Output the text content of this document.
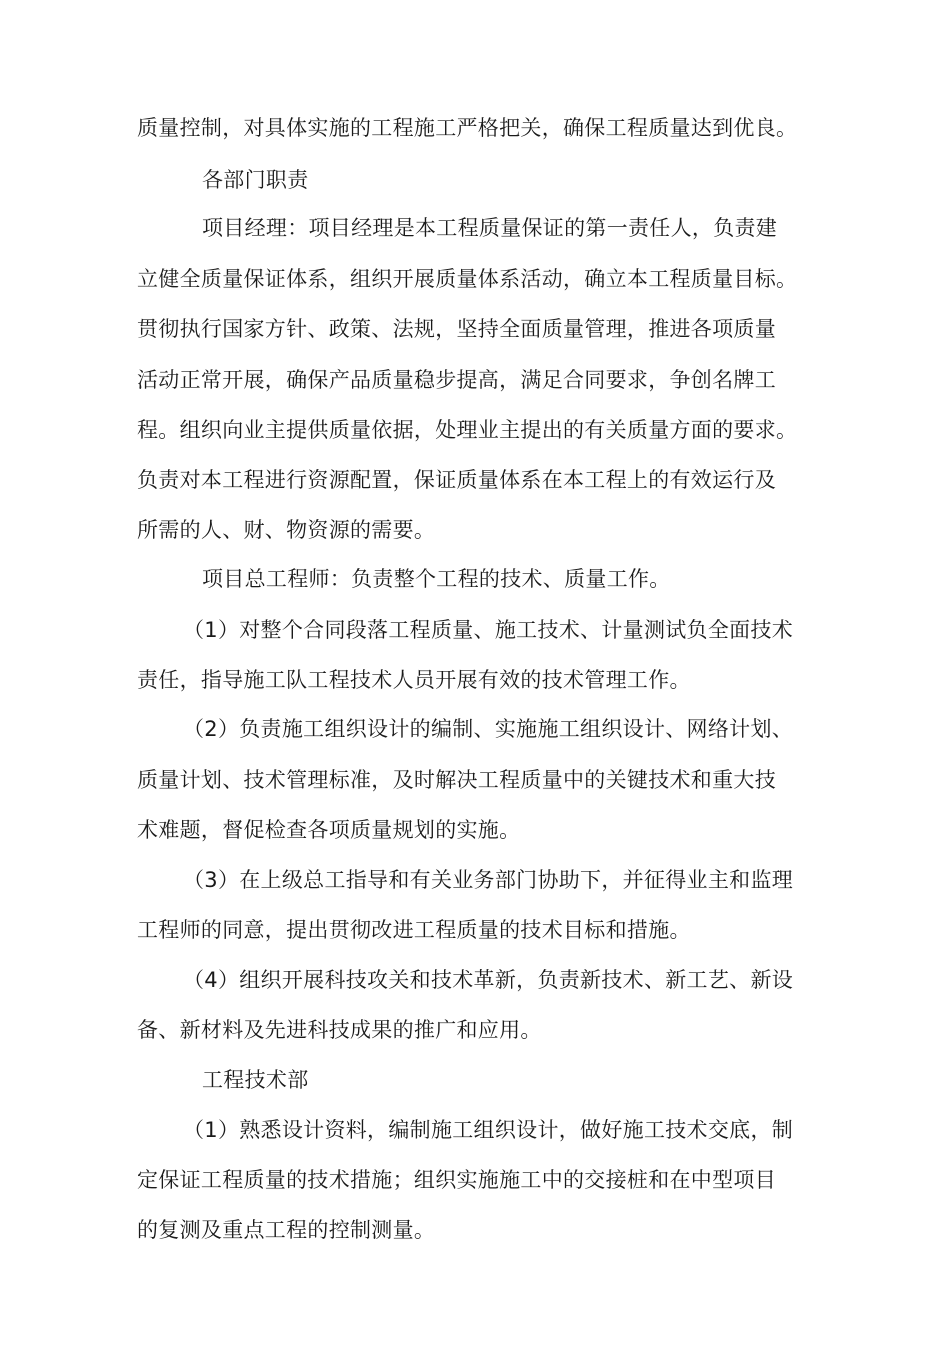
质量控制，对具体实施的工程施工严格把关，确保工程质量达到优良。
各部门职责
项目经理：项目经理是本工程质量保证的第一责任人，负责建
立健全质量保证体系，组织开展质量体系活动，确立本工程质量目标。
贯彻执行国家方针、政策、法规，坚持全面质量管理，推进各项质量
活动正常开展，确保产品质量稳步提高，满足合同要求，争创名牌工
程。组织向业主提供质量依据，处理业主提出的有关质量方面的要求。
负责对本工程进行资源配置，保证质量体系在本工程上的有效运行及
所需的人、财、物资源的需要。
项目总工程师：负责整个工程的技术、质量工作。
（1）对整个合同段落工程质量、施工技术、计量测试负全面技术
责任，指导施工队工程技术人员开展有效的技术管理工作。
（2）负责施工组织设计的编制、实施施工组织设计、网络计划、
质量计划、技术管理标准，及时解决工程质量中的关键技术和重大技
术难题，督促检查各项质量规划的实施。
（3）在上级总工指导和有关业务部门协助下，并征得业主和监理
工程师的同意，提出贯彻改进工程质量的技术目标和措施。
（4）组织开展科技攻关和技术革新，负责新技术、新工艺、新设
备、新材料及先进科技成果的推广和应用。
工程技术部
（1）熟悉设计资料，编制施工组织设计，做好施工技术交底，制
定保证工程质量的技术措施；组织实施施工中的交接桩和在中型项目
的复测及重点工程的控制测量。
